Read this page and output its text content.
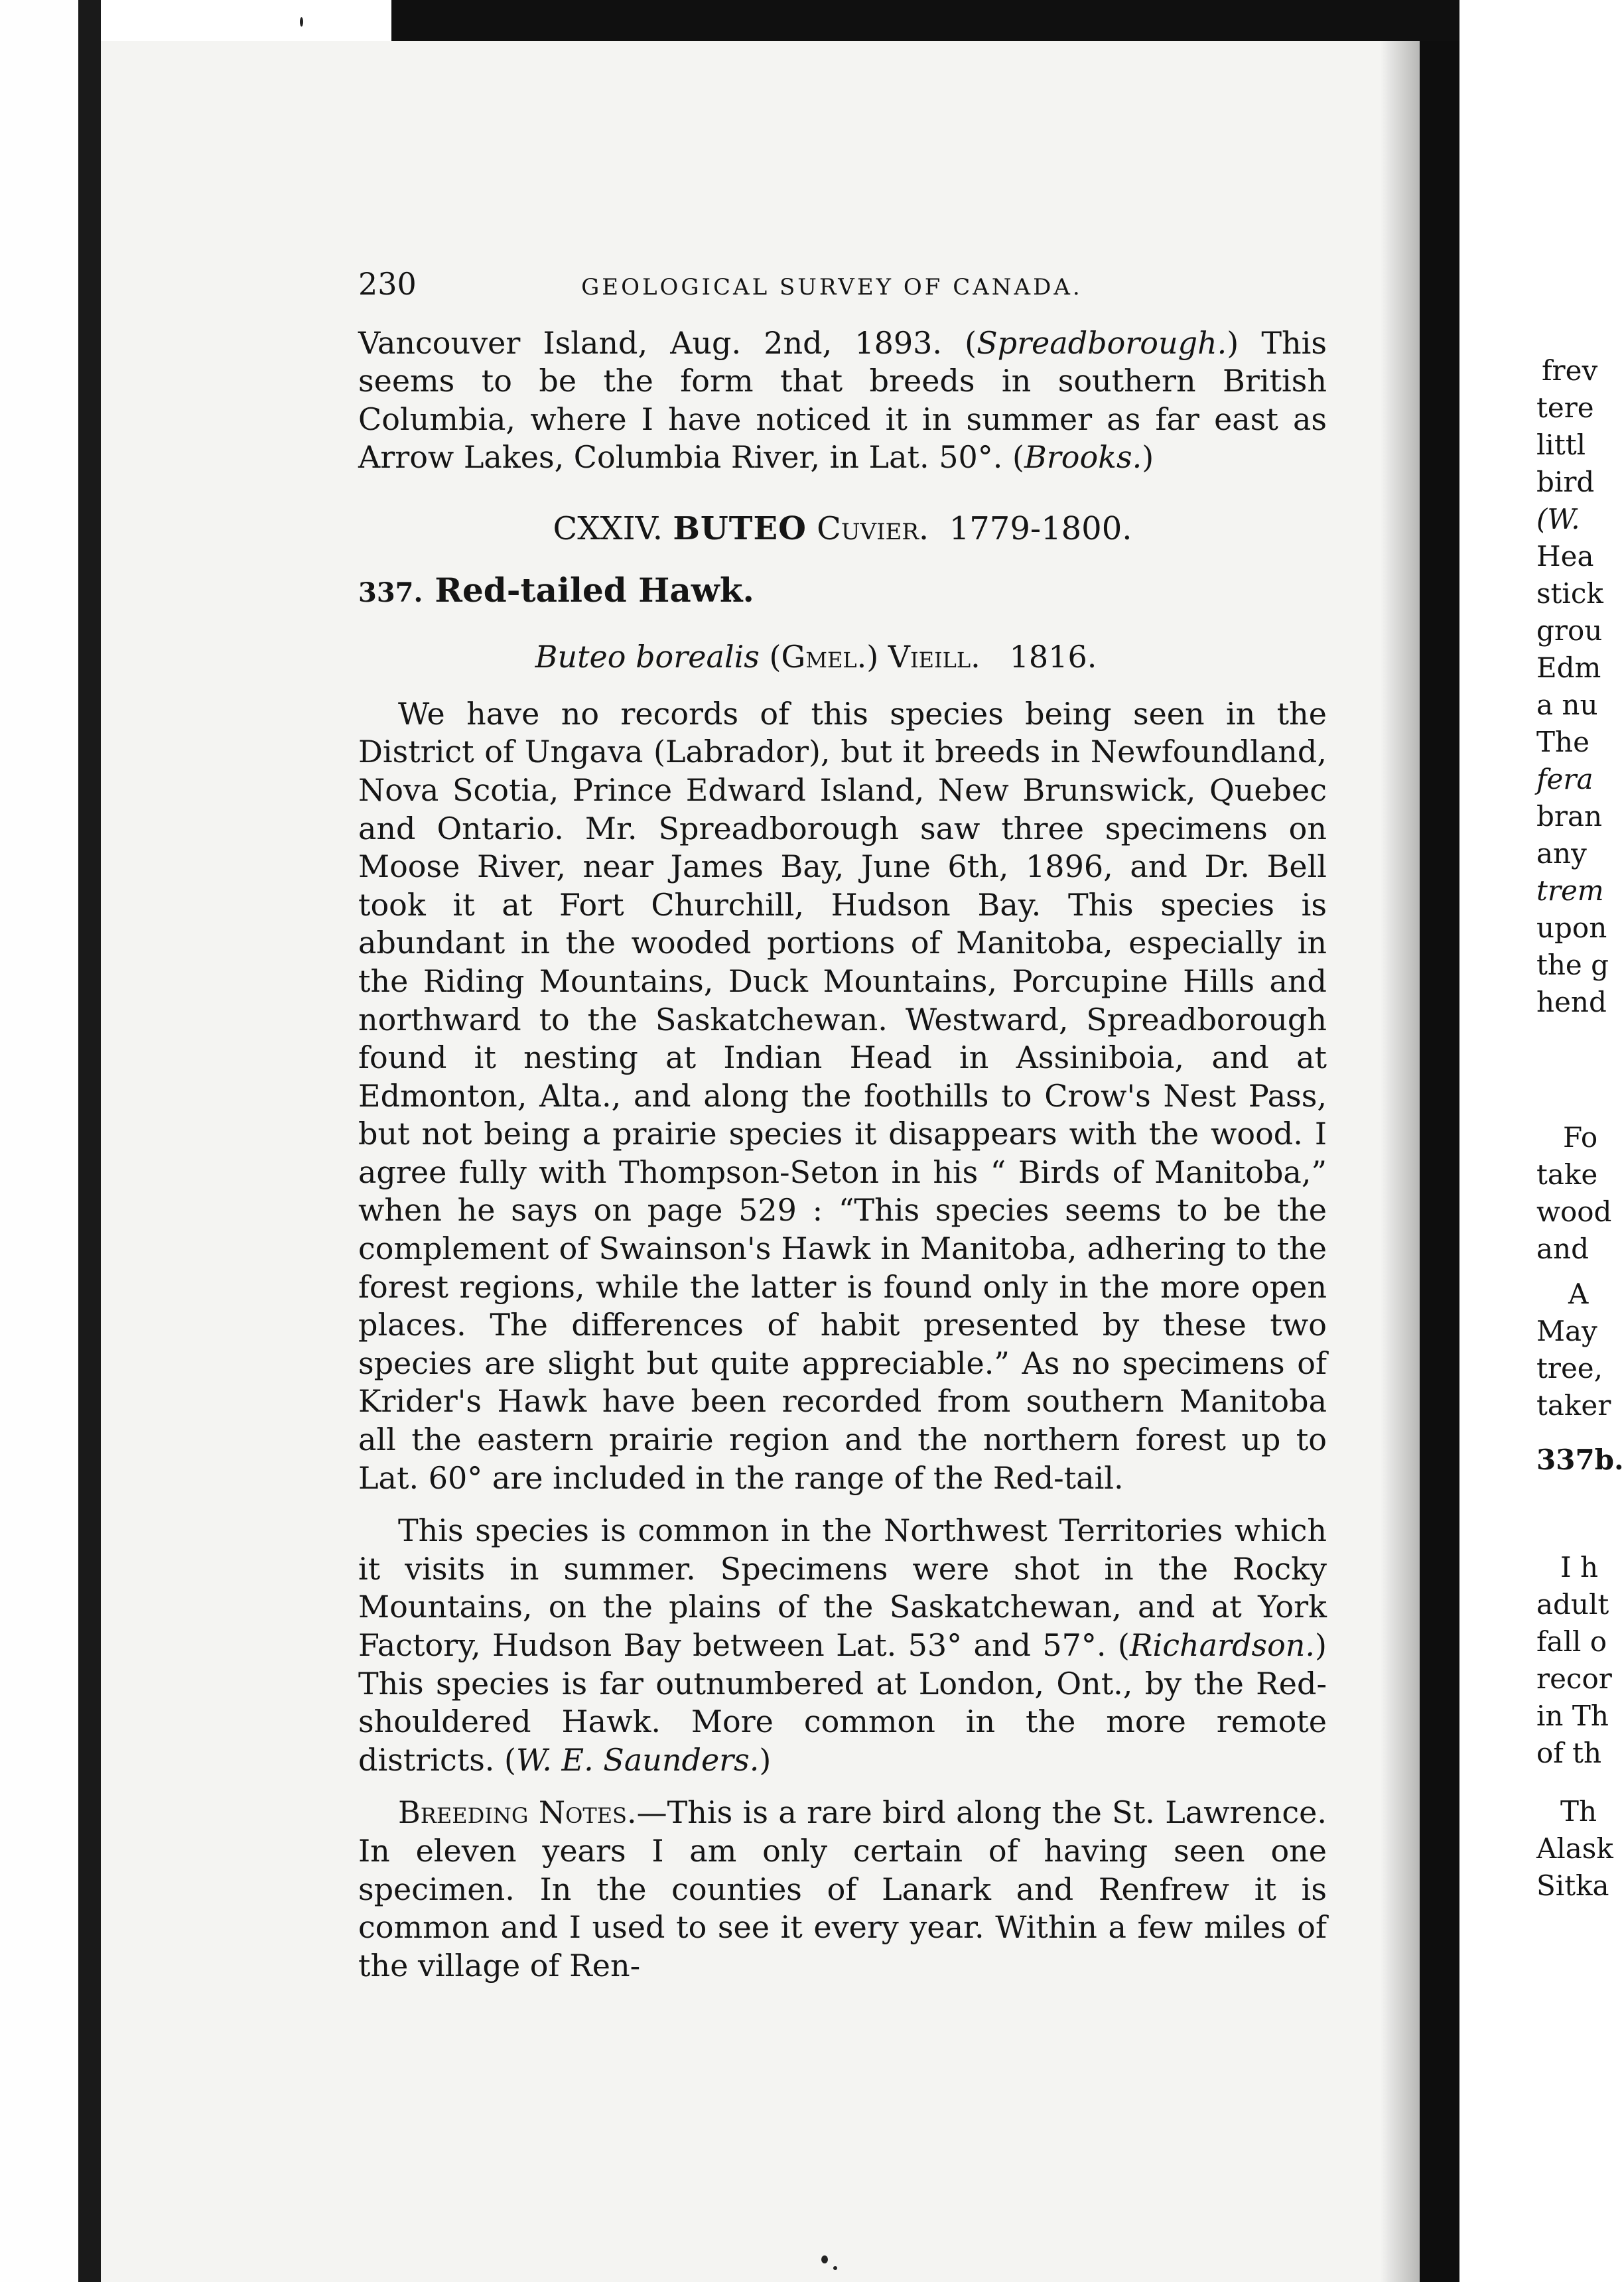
230	GEOLOGICAL SURVEY OF CANADA.

Vancouver Island, Aug. 2nd, 1893. (Spreadborough.) This seems to be the form that breeds in southern British Columbia, where I have noticed it in summer as far east as Arrow Lakes, Columbia River, in Lat. 50°. (Brooks.)

CXXIV. BUTEO Cuvier. 1779-1800.
337. Red-tailed Hawk.
Buteo borealis (Gmel.) Vieill. 1816.

We have no records of this species being seen in the District of Ungava (Labrador), but it breeds in Newfoundland, Nova Scotia, Prince Edward Island, New Brunswick, Quebec and Ontario. Mr. Spreadborough saw three specimens on Moose River, near James Bay, June 6th, 1896, and Dr. Bell took it at Fort Churchill, Hudson Bay. This species is abundant in the wooded portions of Manitoba, especially in the Riding Mountains, Duck Mountains, Porcupine Hills and northward to the Saskatchewan. Westward, Spreadborough found it nesting at Indian Head in Assiniboia, and at Edmonton, Alta., and along the foothills to Crow's Nest Pass, but not being a prairie species it disappears with the wood. I agree fully with Thompson-Seton in his “ Birds of Manitoba,” when he says on page 529 : “This species seems to be the complement of Swainson's Hawk in Manitoba, adhering to the forest regions, while the latter is found only in the more open places. The differences of habit presented by these two species are slight but quite appreciable.” As no specimens of Krider's Hawk have been recorded from southern Manitoba all the eastern prairie region and the northern forest up to Lat. 60° are included in the range of the Red-tail.

This species is common in the Northwest Territories which it visits in summer. Specimens were shot in the Rocky Mountains, on the plains of the Saskatchewan, and at York Factory, Hudson Bay between Lat. 53° and 57°. (Richardson.) This species is far outnumbered at London, Ont., by the Red-shouldered Hawk. More common in the more remote districts. (W. E. Saunders.)

Breeding Notes.—This is a rare bird along the St. Lawrence. In eleven years I am only certain of having seen one specimen. In the counties of Lanark and Renfrew it is common and I used to see it every year. Within a few miles of the village of Ren-

frev
tere
littl
bird
(W.
Hea
stick
grou
Edm
a nu
The
fera
bran
any
trem
upon
the g
hend
Fo
take
wood
and
A
May
tree,
taker
337b.
I h
adult
fall o
recor
in Th
of th
Th
Alask
Sitka
